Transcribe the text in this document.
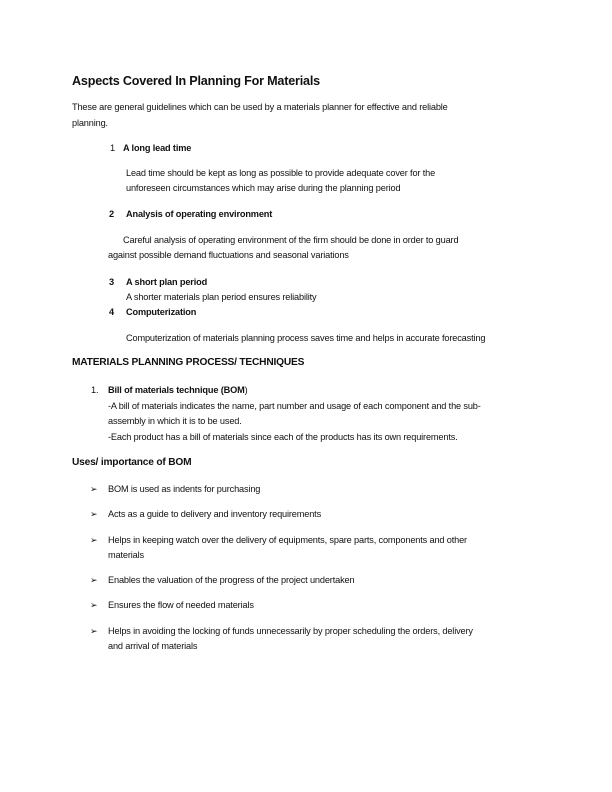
Aspects Covered In Planning For Materials
These are general guidelines which can be used by a materials planner for effective and reliable
planning.
1 A long lead time
Lead time should be kept as long as possible to provide adequate cover for the
unforeseen circumstances which may arise during the planning period
2 Analysis of operating environment
Careful analysis of operating environment of the firm should be done in order to guard
against possible demand fluctuations and seasonal variations
3 A short plan period
A shorter materials plan period ensures reliability
4 Computerization
Computerization of materials planning process saves time and helps in accurate forecasting
MATERIALS PLANNING PROCESS/ TECHNIQUES
1. Bill of materials technique (BOM)
-A bill of materials indicates the name, part number and usage of each component and the sub-
assembly in which it is to be used.
-Each product has a bill of materials since each of the products has its own requirements.
Uses/ importance of BOM
➢ BOM is used as indents for purchasing
➢ Acts as a guide to delivery and inventory requirements
➢ Helps in keeping watch over the delivery of equipments, spare parts, components and other
materials
➢ Enables the valuation of the progress of the project undertaken
➢ Ensures the flow of needed materials
➢ Helps in avoiding the locking of funds unnecessarily by proper scheduling the orders, delivery
and arrival of materials
